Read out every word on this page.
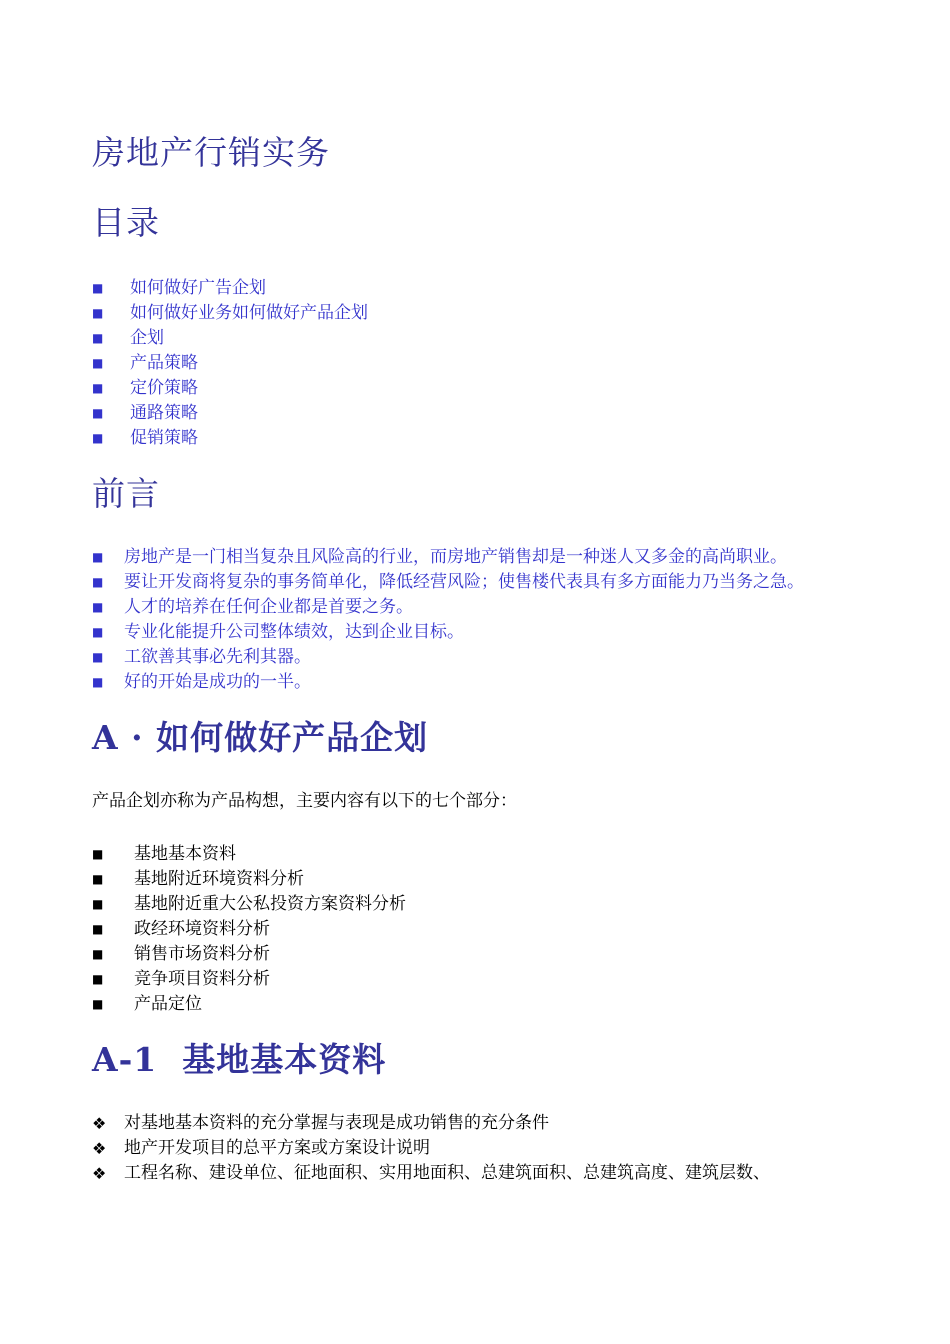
房地产行销实务
目录
■	如何做好广告企划
■	如何做好业务如何做好产品企划
■	企划
■	产品策略
■	定价策略
■	通路策略
■	促销策略
前言
■	房地产是一门相当复杂且风险高的行业，而房地产销售却是一种迷人又多金的高尚职业。
■	要让开发商将复杂的事务简单化，降低经营风险；使售楼代表具有多方面能力乃当务之急。
■	人才的培养在任何企业都是首要之务。
■	专业化能提升公司整体绩效，达到企业目标。
■	工欲善其事必先利其器。
■	好的开始是成功的一半。
A · 如何做好产品企划

产品企划亦称为产品构想，主要内容有以下的七个部分：

■	基地基本资料
■	基地附近环境资料分析
■	基地附近重大公私投资方案资料分析
■	政经环境资料分析
■	销售市场资料分析
■	竞争项目资料分析
■	产品定位
A-1  基地基本资料
❖	对基地基本资料的充分掌握与表现是成功销售的充分条件
❖	地产开发项目的总平方案或方案设计说明
❖	工程名称、建设单位、征地面积、实用地面积、总建筑面积、总建筑高度、建筑层数、
